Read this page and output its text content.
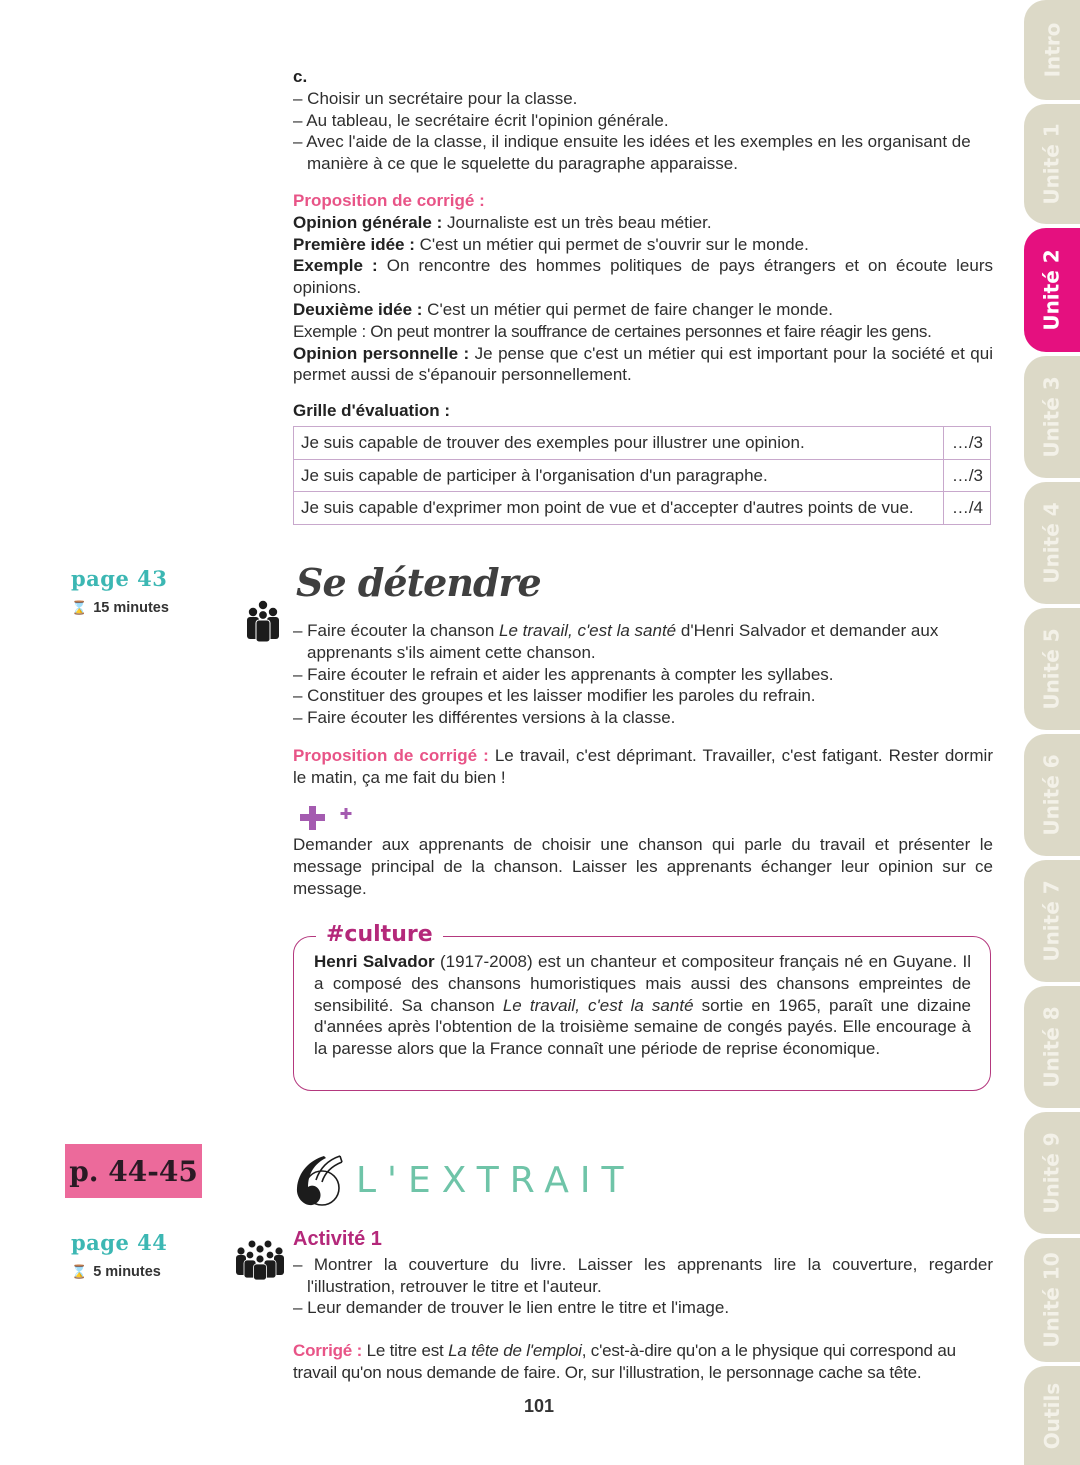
c.

– Choisir un secrétaire pour la classe.

– Au tableau, le secrétaire écrit l'opinion générale.

– Avec l'aide de la classe, il indique ensuite les idées et les exemples en les organisant de manière à ce que le squelette du paragraphe apparaisse.

Proposition de corrigé :

Opinion générale : Journaliste est un très beau métier.

Première idée : C'est un métier qui permet de s'ouvrir sur le monde.

Exemple : On rencontre des hommes politiques de pays étrangers et on écoute leurs opinions.

Deuxième idée : C'est un métier qui permet de faire changer le monde.

Exemple : On peut montrer la souffrance de certaines personnes et faire réagir les gens.

Opinion personnelle : Je pense que c'est un métier qui est important pour la société et qui permet aussi de s'épanouir personnellement.

Grille d'évaluation :

Je suis capable de trouver des exemples pour illustrer une opinion.	…/3
Je suis capable de participer à l'organisation d'un paragraphe.	…/3
Je suis capable d'exprimer mon point de vue et d'accepter d'autres points de vue.	…/4
page 43
⌛ 15 minutes
Se détendre

– Faire écouter la chanson Le travail, c'est la santé d'Henri Salvador et demander aux apprenants s'ils aiment cette chanson.

– Faire écouter le refrain et aider les apprenants à compter les syllabes.

– Constituer des groupes et les laisser modifier les paroles du refrain.

– Faire écouter les différentes versions à la classe.

Proposition de corrigé : Le travail, c'est déprimant. Travailler, c'est fatigant. Rester dormir le matin, ça me fait du bien !

Demander aux apprenants de choisir une chanson qui parle du travail et présenter le message principal de la chanson. Laisser les apprenants échanger leur opinion sur ce message.

#culture
Henri Salvador (1917-2008) est un chanteur et compositeur français né en Guyane. Il a composé des chansons humoristiques mais aussi des chansons empreintes de sensibilité. Sa chanson Le travail, c'est la santé sortie en 1965, paraît une dizaine d'années après l'obtention de la troisième semaine de congés payés. Elle encourage à la paresse alors que la France connaît une période de reprise économique.
p. 44-45	L'EXTRAIT
page 44
⌛ 5 minutes

Activité 1

– Montrer la couverture du livre. Laisser les apprenants lire la couverture, regarder l'illustration, retrouver le titre et l'auteur.

– Leur demander de trouver le lien entre le titre et l'image.

Corrigé : Le titre est La tête de l'emploi, c'est-à-dire qu'on a le physique qui correspond au travail qu'on nous demande de faire. Or, sur l'illustration, le personnage cache sa tête.

101
Intro
Unité 1
Unité 2
Unité 3
Unité 4
Unité 5
Unité 6
Unité 7
Unité 8
Unité 9
Unité 10
Outils
